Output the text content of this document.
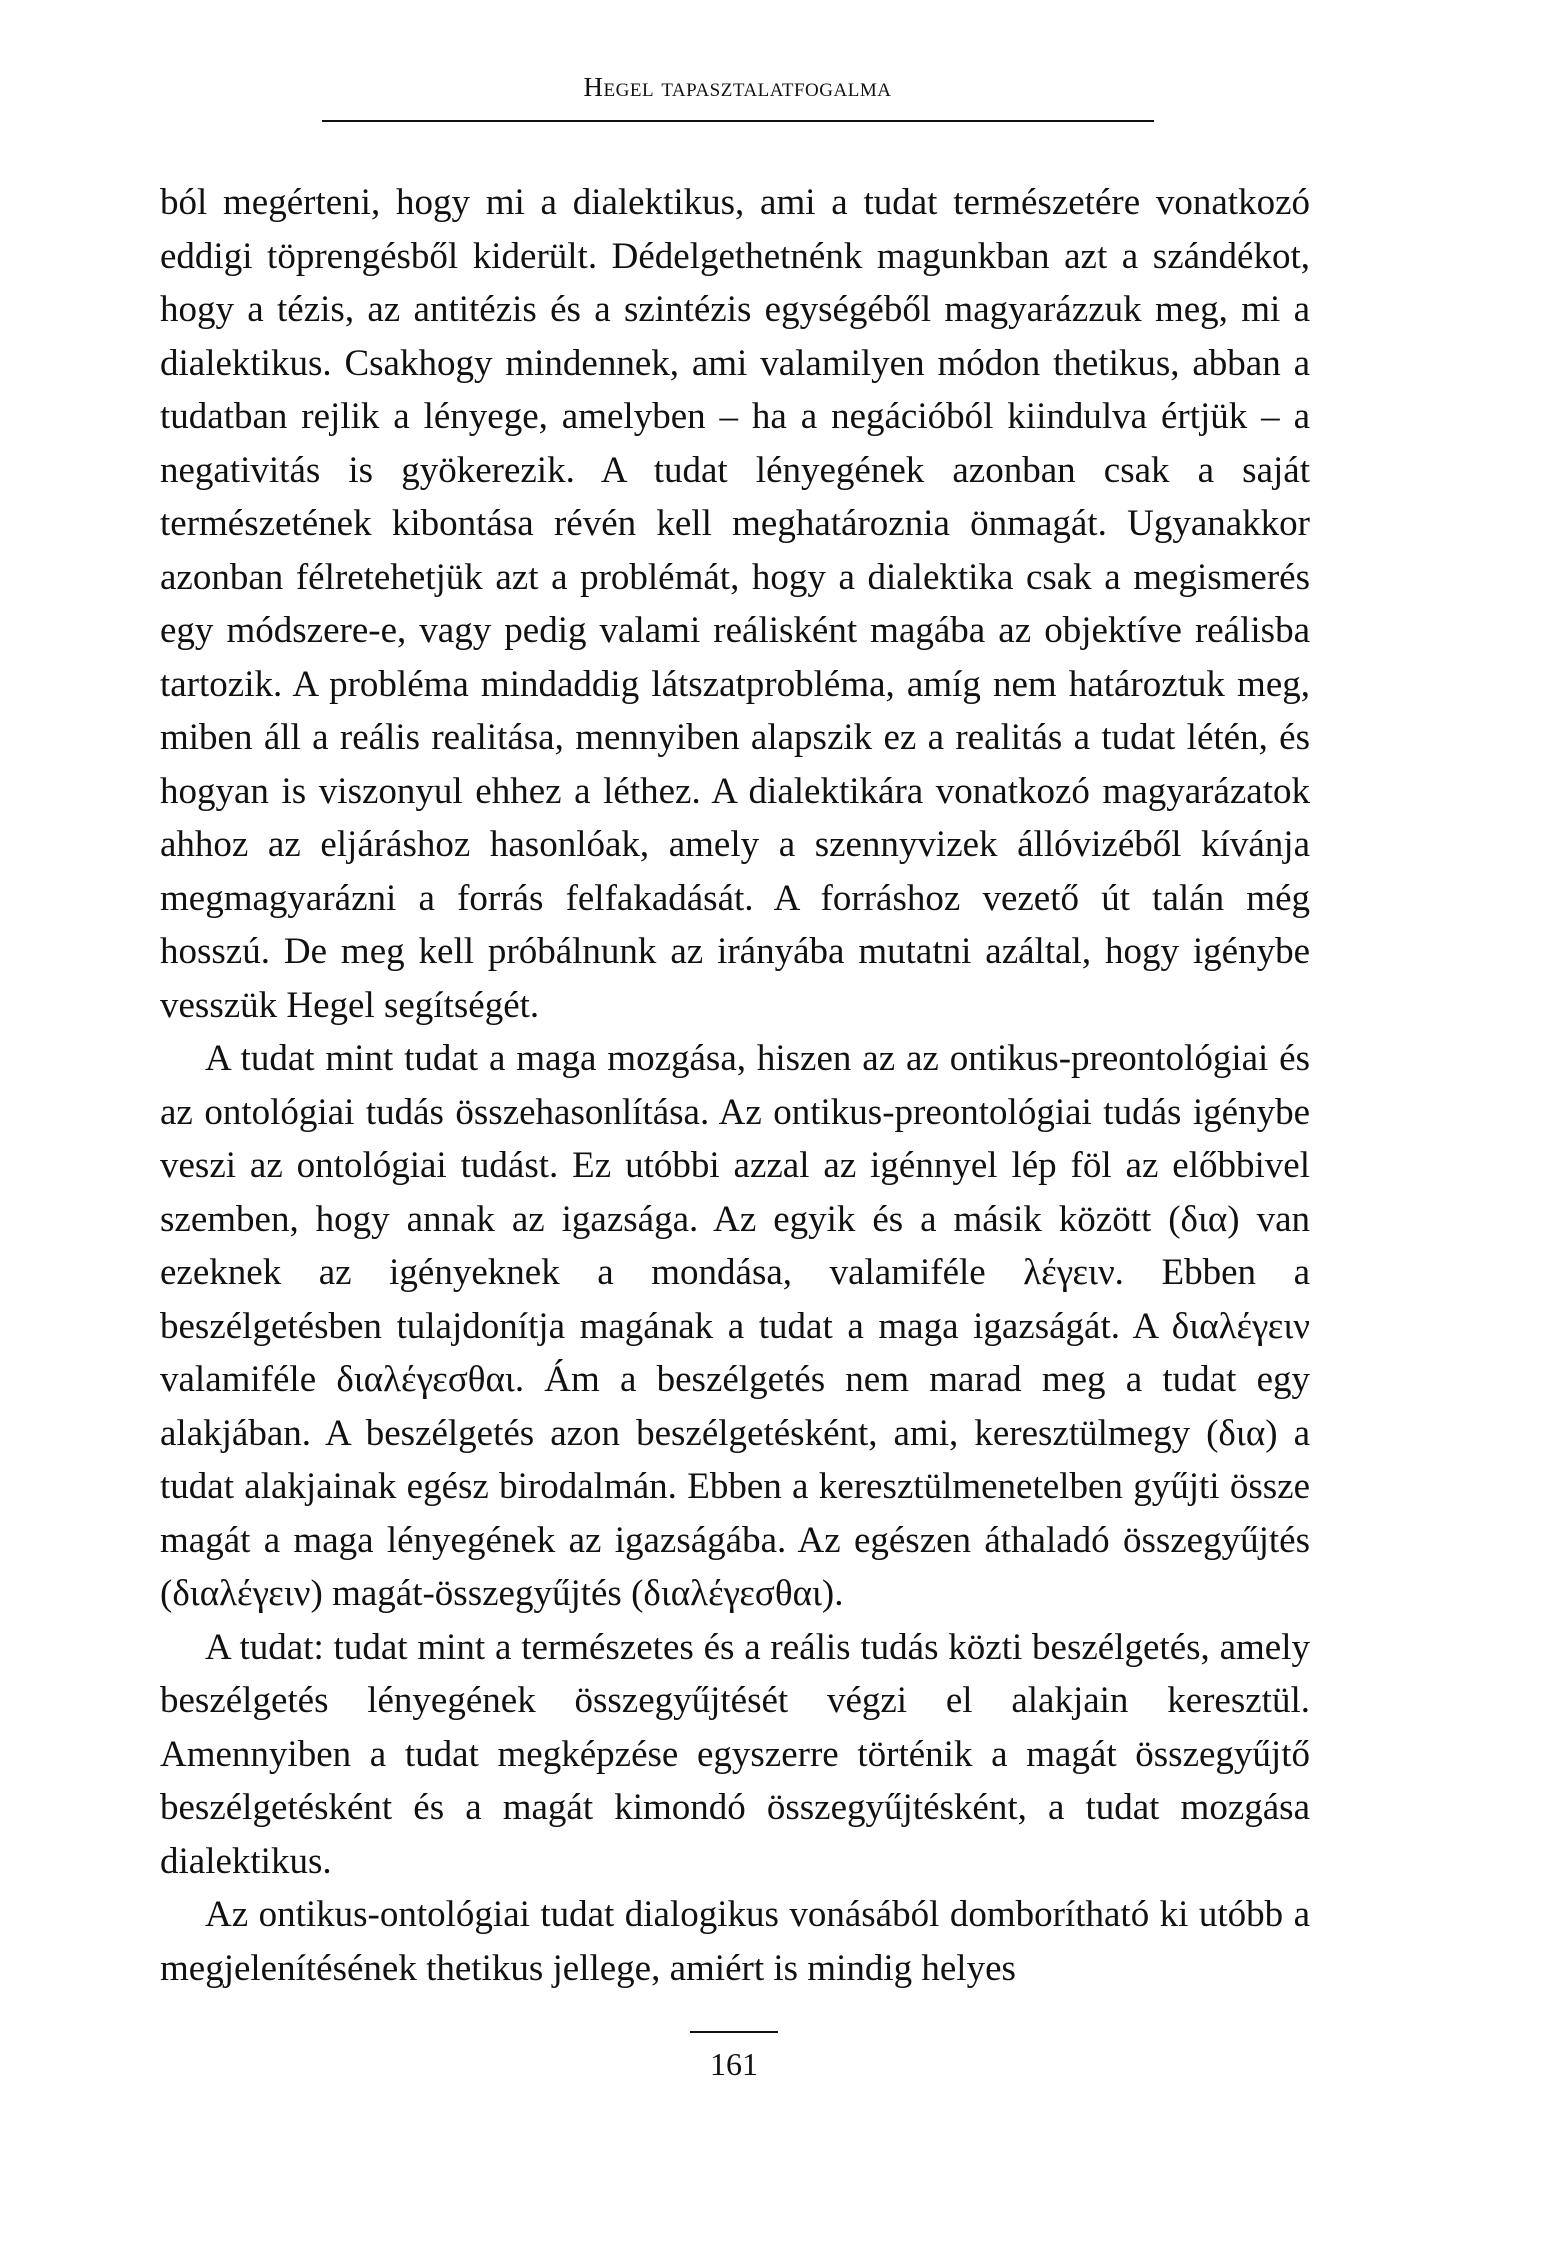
Hegel tapasztalatfogalma

ból megérteni, hogy mi a dialektikus, ami a tudat természetére vonatkozó eddigi töprengésből kiderült. Dédelgethetnénk magunkban azt a szándékot, hogy a tézis, az antitézis és a szintézis egységéből magyarázzuk meg, mi a dialektikus. Csakhogy mindennek, ami valamilyen módon thetikus, abban a tudatban rejlik a lényege, amelyben – ha a negációból kiindulva értjük – a negativitás is gyökerezik. A tudat lényegének azonban csak a saját természetének kibontása révén kell meghatároznia önmagát. Ugyanakkor azonban félretehetjük azt a problémát, hogy a dialektika csak a megismerés egy módszere-e, vagy pedig valami reálisként magába az objektíve reálisba tartozik. A probléma mindaddig látszatprobléma, amíg nem határoztuk meg, miben áll a reális realitása, mennyiben alapszik ez a realitás a tudat létén, és hogyan is viszonyul ehhez a léthez. A dialektikára vonatkozó magyarázatok ahhoz az eljáráshoz hasonlóak, amely a szennyvizek állóvizéből kívánja megmagyarázni a forrás felfakadását. A forráshoz vezető út talán még hosszú. De meg kell próbálnunk az irányába mutatni azáltal, hogy igénybe vesszük Hegel segítségét.

A tudat mint tudat a maga mozgása, hiszen az az ontikus-preontológiai és az ontológiai tudás összehasonlítása. Az ontikus-preontológiai tudás igénybe veszi az ontológiai tudást. Ez utóbbi azzal az igénnyel lép föl az előbbivel szemben, hogy annak az igazsága. Az egyik és a másik között (δια) van ezeknek az igényeknek a mondása, valamiféle λέγειν. Ebben a beszélgetésben tulajdonítja magának a tudat a maga igazságát. A διαλέγειν valamiféle διαλέγεσθαι. Ám a beszélgetés nem marad meg a tudat egy alakjában. A beszélgetés azon beszélgetésként, ami, keresztülmegy (δια) a tudat alakjainak egész birodalmán. Ebben a keresztülmenetelben gyűjti össze magát a maga lényegének az igazságába. Az egészen áthaladó összegyűjtés (διαλέγειν) magát-összegyűjtés (διαλέγεσθαι).

A tudat: tudat mint a természetes és a reális tudás közti beszélgetés, amely beszélgetés lényegének összegyűjtését végzi el alakjain keresztül. Amennyiben a tudat megképzése egyszerre történik a magát összegyűjtő beszélgetésként és a magát kimondó összegyűjtésként, a tudat mozgása dialektikus.

Az ontikus-ontológiai tudat dialogikus vonásából domborítható ki utóbb a megjelenítésének thetikus jellege, amiért is mindig helyes

161
